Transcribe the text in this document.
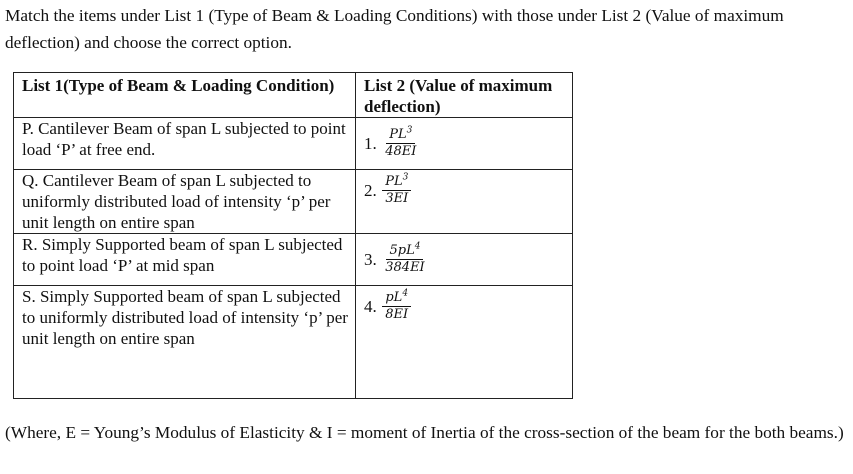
Match the items under List 1 (Type of Beam & Loading Conditions) with those under List 2 (Value of maximum deflection) and choose the correct option.

List 1(Type of Beam & Loading Condition)	List 2 (Value of maximum deflection)
P. Cantilever Beam of span L subjected to point load ‘P’ at free end.	1. $\frac{PL^3}{48EI}$

Q. Cantilever Beam of span L subjected to uniformly distributed load of intensity ‘p’ per unit length on entire span	2. $\frac{PL^3}{3EI}$

R. Simply Supported beam of span L subjected to point load ‘P’ at mid span	3. $\frac{5pL^4}{384EI}$

S. Simply Supported beam of span L subjected to uniformly distributed load of intensity ‘p’ per unit length on entire span	4. $\frac{pL^4}{8EI}$

(Where, E = Young’s Modulus of Elasticity & I = moment of Inertia of the cross-section of the beam for the both beams.)
